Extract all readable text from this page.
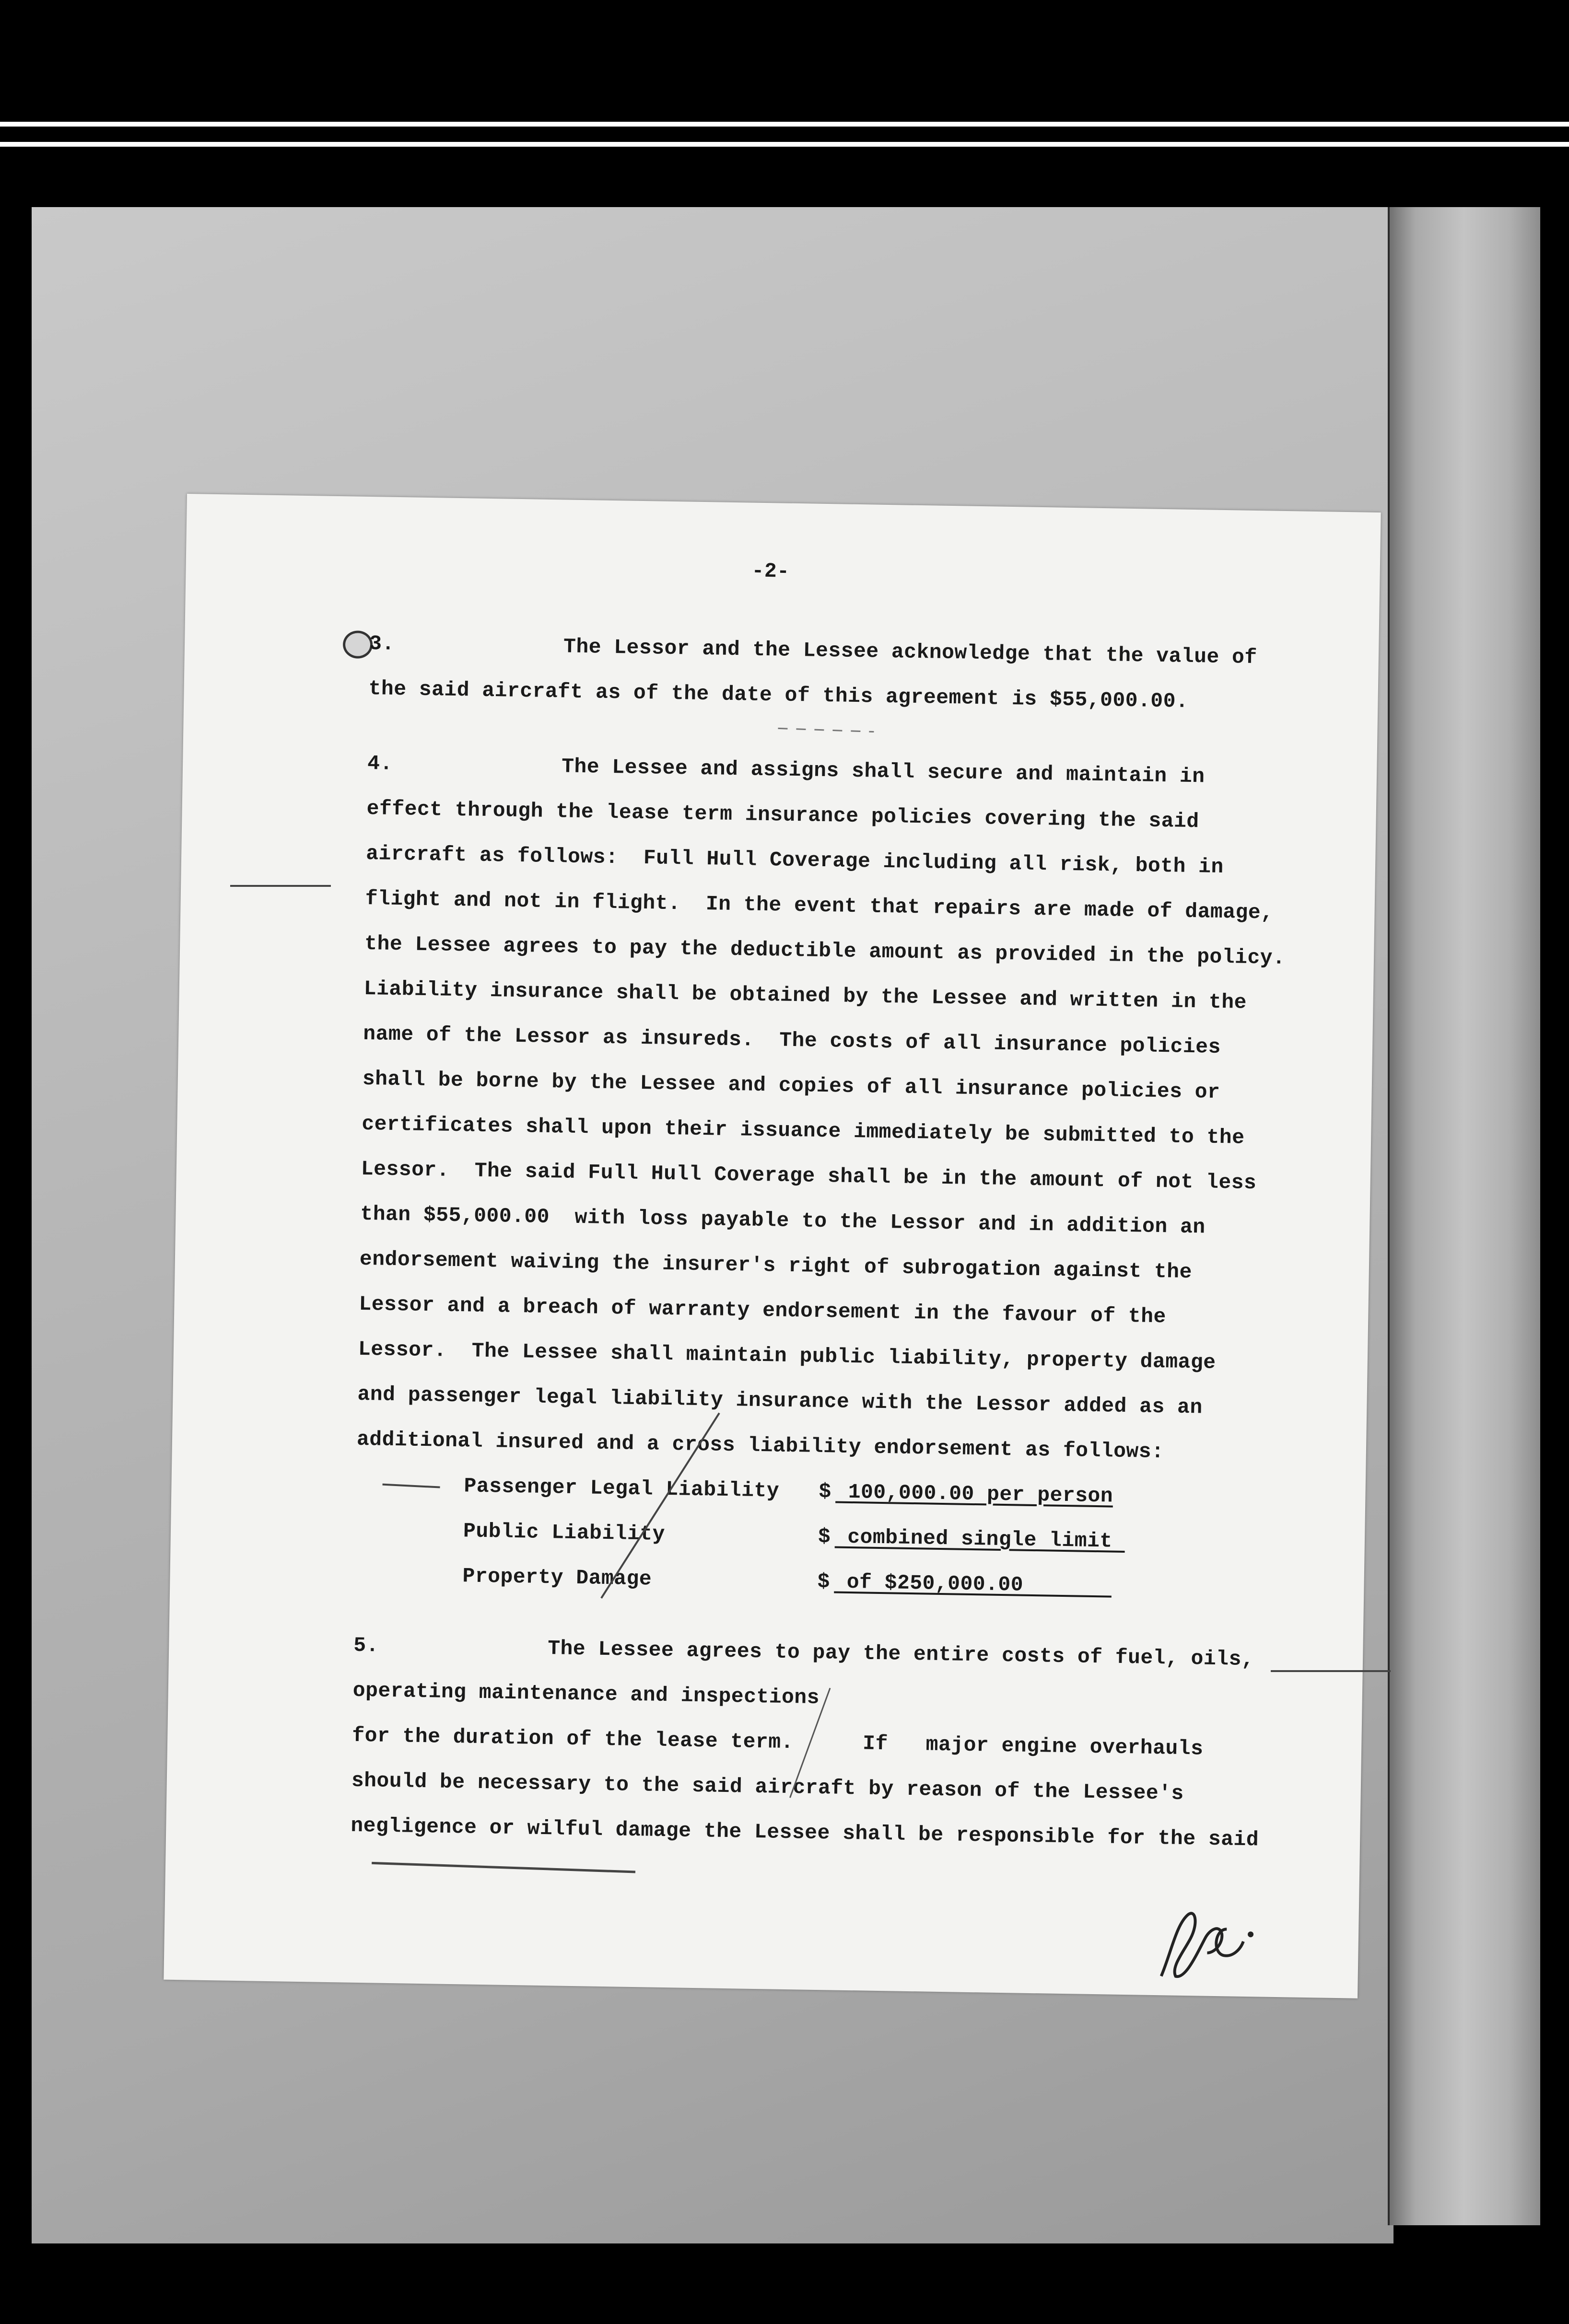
-2-
3.	The Lessor and the Lessee acknowledge that the value of
the said aircraft as of the date of this agreement is $55,000.00.
4.	The Lessee and assigns shall secure and maintain in
effect through the lease term insurance policies covering the said
aircraft as follows:  Full Hull Coverage including all risk, both in
flight and not in flight.  In the event that repairs are made of damage,
the Lessee agrees to pay the deductible amount as provided in the policy.
Liability insurance shall be obtained by the Lessee and written in the
name of the Lessor as insureds.  The costs of all insurance policies
shall be borne by the Lessee and copies of all insurance policies or
certificates shall upon their issuance immediately be submitted to the
Lessor.  The said Full Hull Coverage shall be in the amount of not less
than $55,000.00  with loss payable to the Lessor and in addition an
endorsement waiving the insurer's right of subrogation against the
Lessor and a breach of warranty endorsement in the favour of the
Lessor.  The Lessee shall maintain public liability, property damage
and passenger legal liability insurance with the Lessor added as an
additional insured and a cross liability endorsement as follows:
Passenger Legal Liability $ 100,000.00 per person
Public Liability	$ combined single limit
Property Damage	$ of $250,000.00
5.	The Lessee agrees to pay the entire costs of fuel, oils,
operating maintenance and inspections
for the duration of the lease term.	If   major engine overhauls
should be necessary to the said aircraft by reason of the Lessee's
negligence or wilful damage the Lessee shall be responsible for the said
